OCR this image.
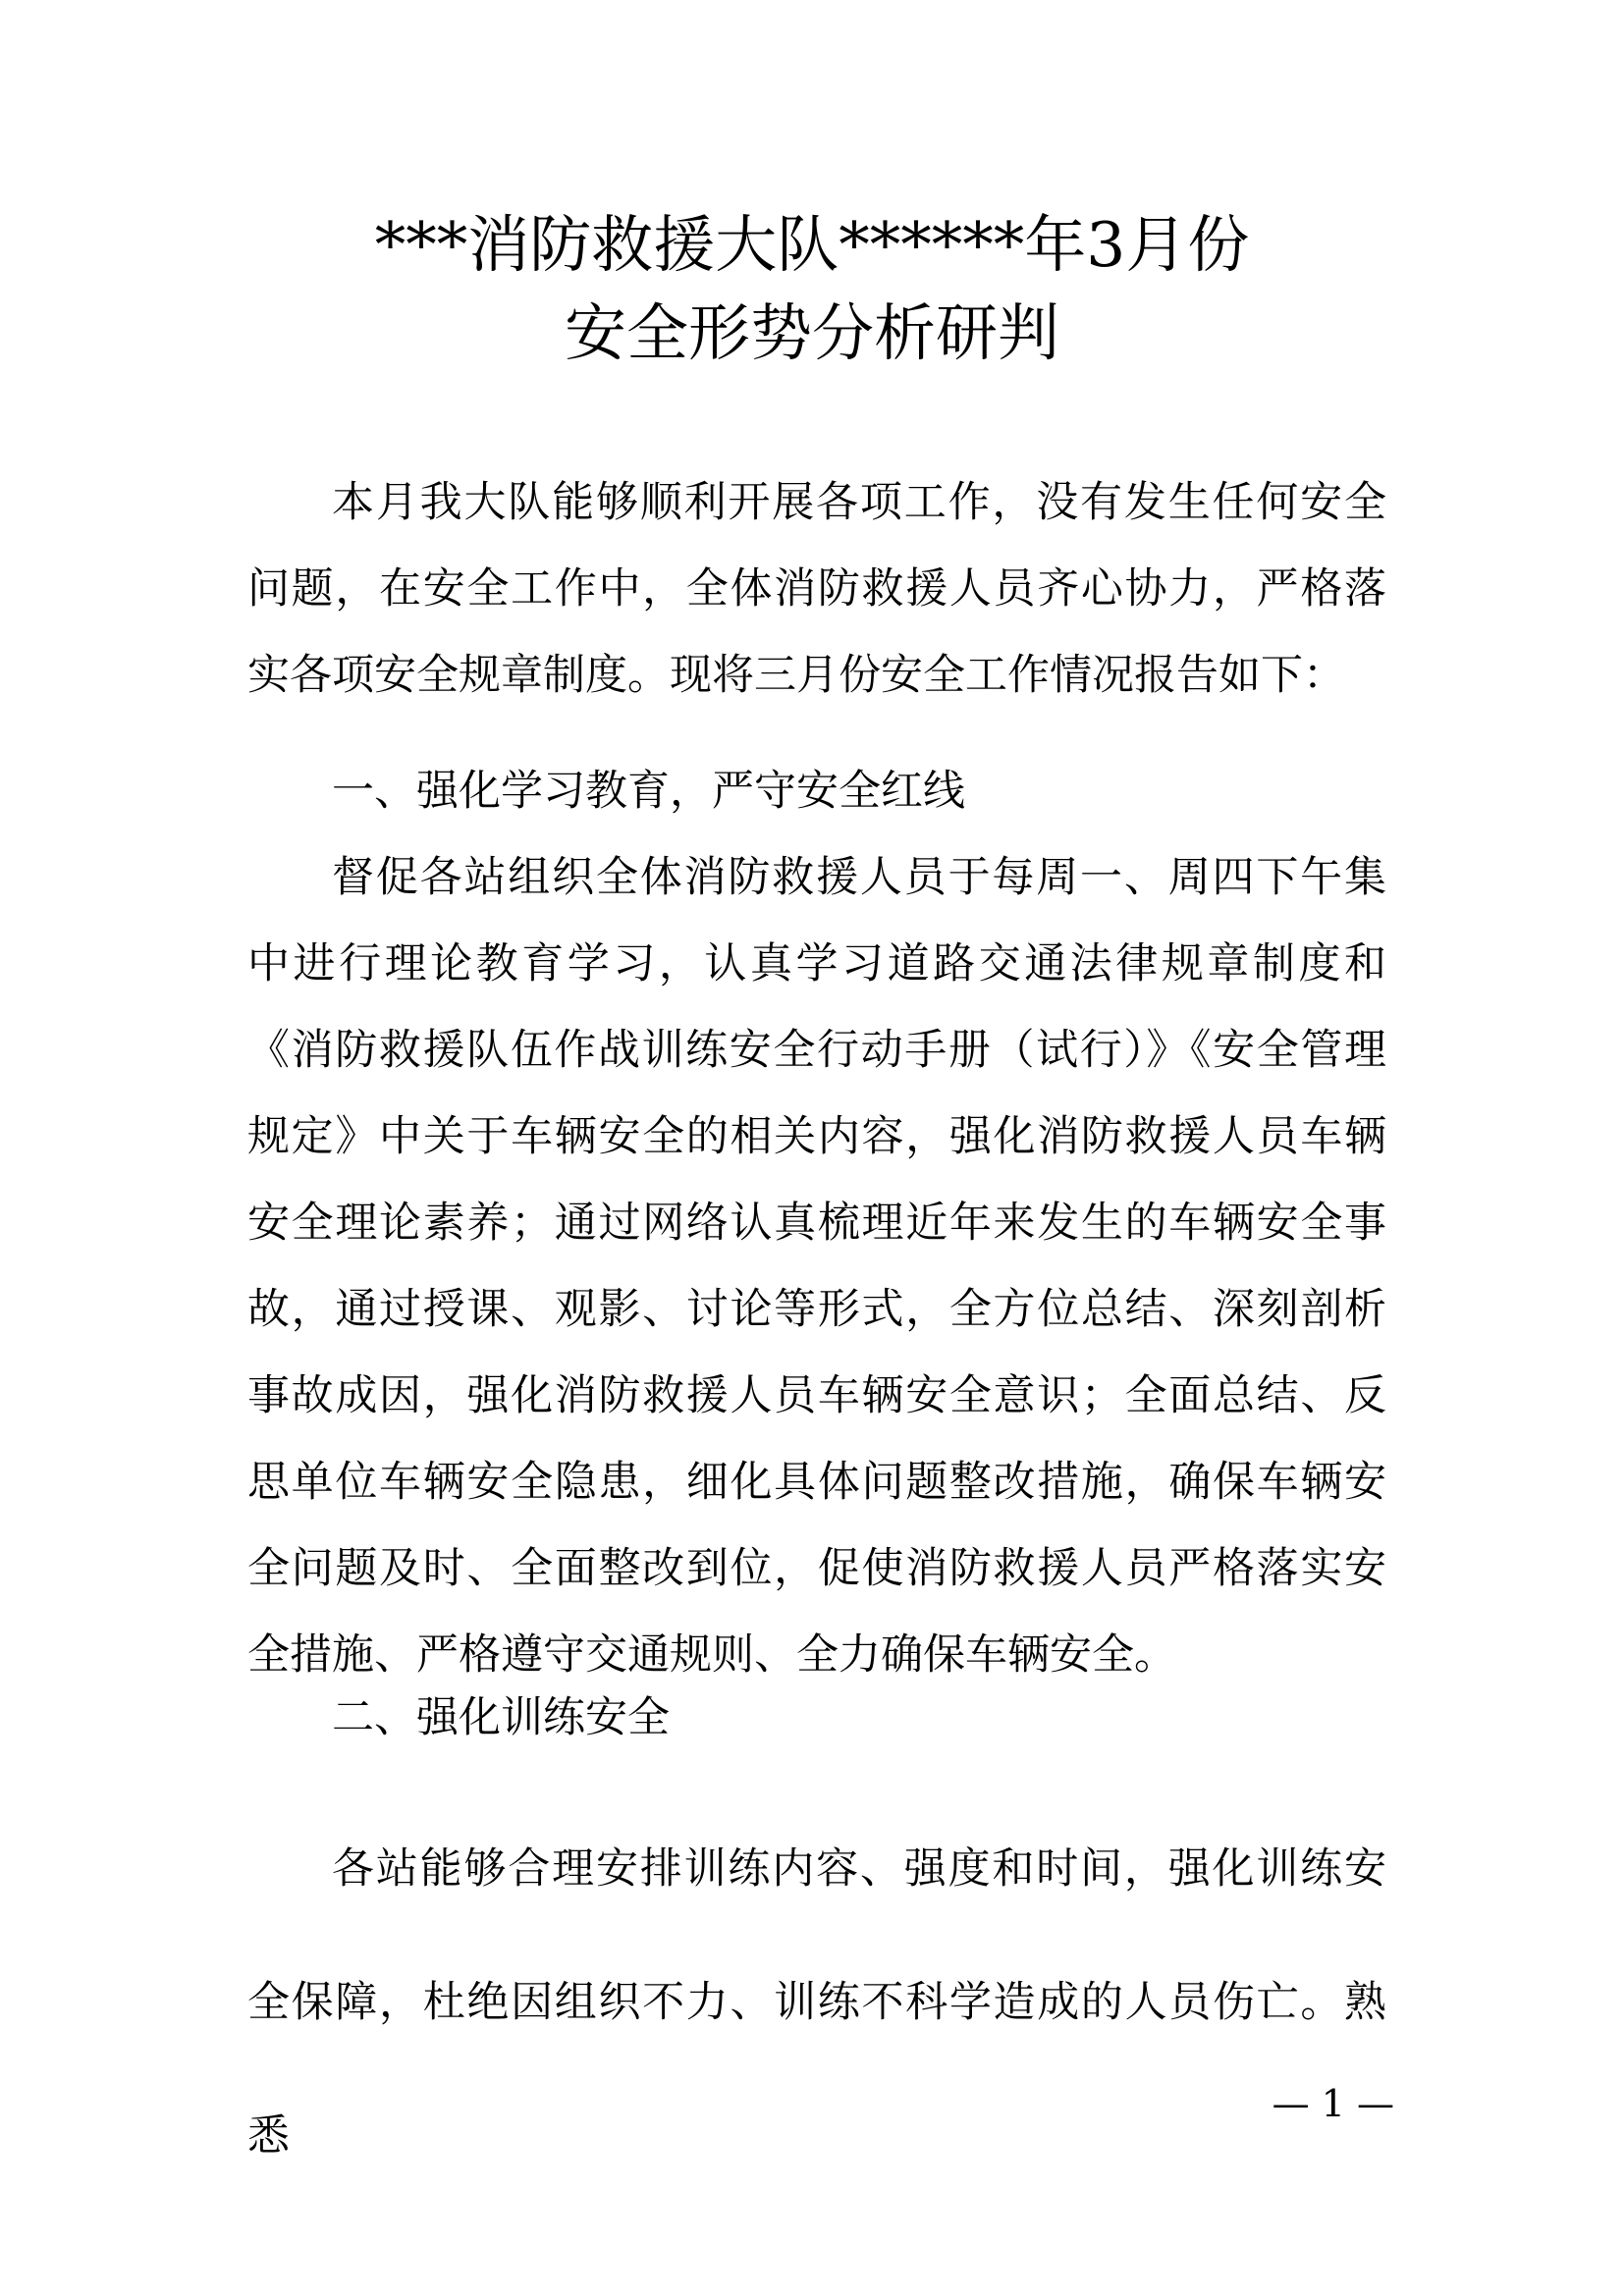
***消防救援大队******年3月份
安全形势分析研判

本月我大队能够顺利开展各项工作，没有发生任何安全问题，在安全工作中，全体消防救援人员齐心协力，严格落实各项安全规章制度。现将三月份安全工作情况报告如下：

一、强化学习教育，严守安全红线

督促各站组织全体消防救援人员于每周一、周四下午集中进行理论教育学习，认真学习道路交通法律规章制度和《消防救援队伍作战训练安全行动手册（试行）》《安全管理规定》中关于车辆安全的相关内容，强化消防救援人员车辆安全理论素养；通过网络认真梳理近年来发生的车辆安全事故，通过授课、观影、讨论等形式，全方位总结、深刻剖析事故成因，强化消防救援人员车辆安全意识；全面总结、反思单位车辆安全隐患，细化具体问题整改措施，确保车辆安全问题及时、全面整改到位，促使消防救援人员严格落实安全措施、严格遵守交通规则、全力确保车辆安全。

二、强化训练安全

各站能够合理安排训练内容、强度和时间，强化训练安全保障，杜绝因组织不力、训练不科学造成的人员伤亡。熟悉

— 1 —
